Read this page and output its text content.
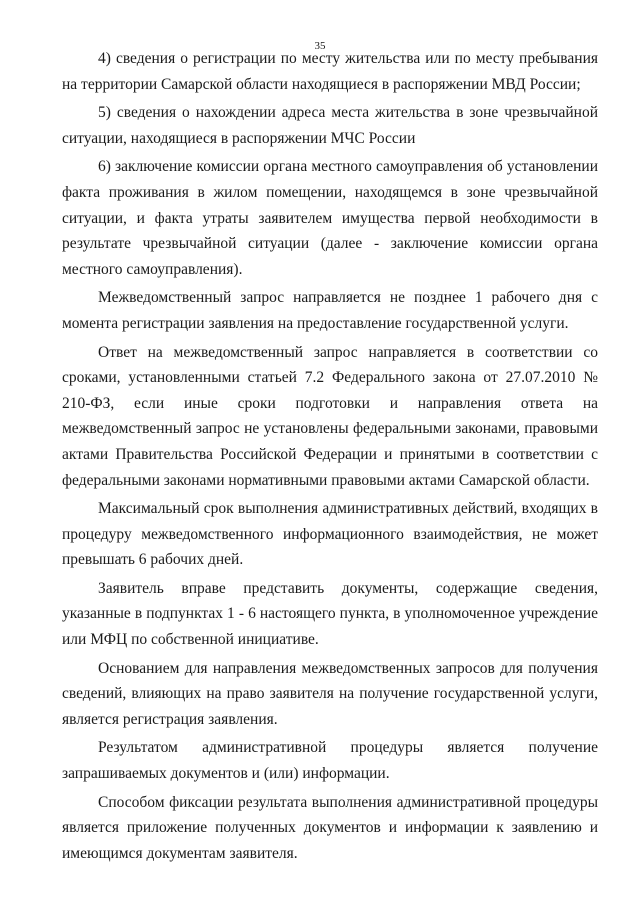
35

4) сведения о регистрации по месту жительства или по месту пребывания на территории Самарской области находящиеся в распоряжении МВД России;

5) сведения о нахождении адреса места жительства в зоне чрезвычайной ситуации, находящиеся в распоряжении МЧС России

6) заключение комиссии органа местного самоуправления об установлении факта проживания в жилом помещении, находящемся в зоне чрезвычайной ситуации, и факта утраты заявителем имущества первой необходимости в результате чрезвычайной ситуации (далее - заключение комиссии органа местного самоуправления).

Межведомственный запрос направляется не позднее 1 рабочего дня с момента регистрации заявления на предоставление государственной услуги.

Ответ на межведомственный запрос направляется в соответствии со сроками, установленными статьей 7.2 Федерального закона от 27.07.2010 № 210-ФЗ, если иные сроки подготовки и направления ответа на межведомственный запрос не установлены федеральными законами, правовыми актами Правительства Российской Федерации и принятыми в соответствии с федеральными законами нормативными правовыми актами Самарской области.

Максимальный срок выполнения административных действий, входящих в процедуру межведомственного информационного взаимодействия, не может превышать 6 рабочих дней.

Заявитель вправе представить документы, содержащие сведения, указанные в подпунктах 1 - 6 настоящего пункта, в уполномоченное учреждение или МФЦ по собственной инициативе.

Основанием для направления межведомственных запросов для получения сведений, влияющих на право заявителя на получение государственной услуги, является регистрация заявления.

Результатом административной процедуры является получение запрашиваемых документов и (или) информации.

Способом фиксации результата выполнения административной процедуры является приложение полученных документов и информации к заявлению и имеющимся документам заявителя.
